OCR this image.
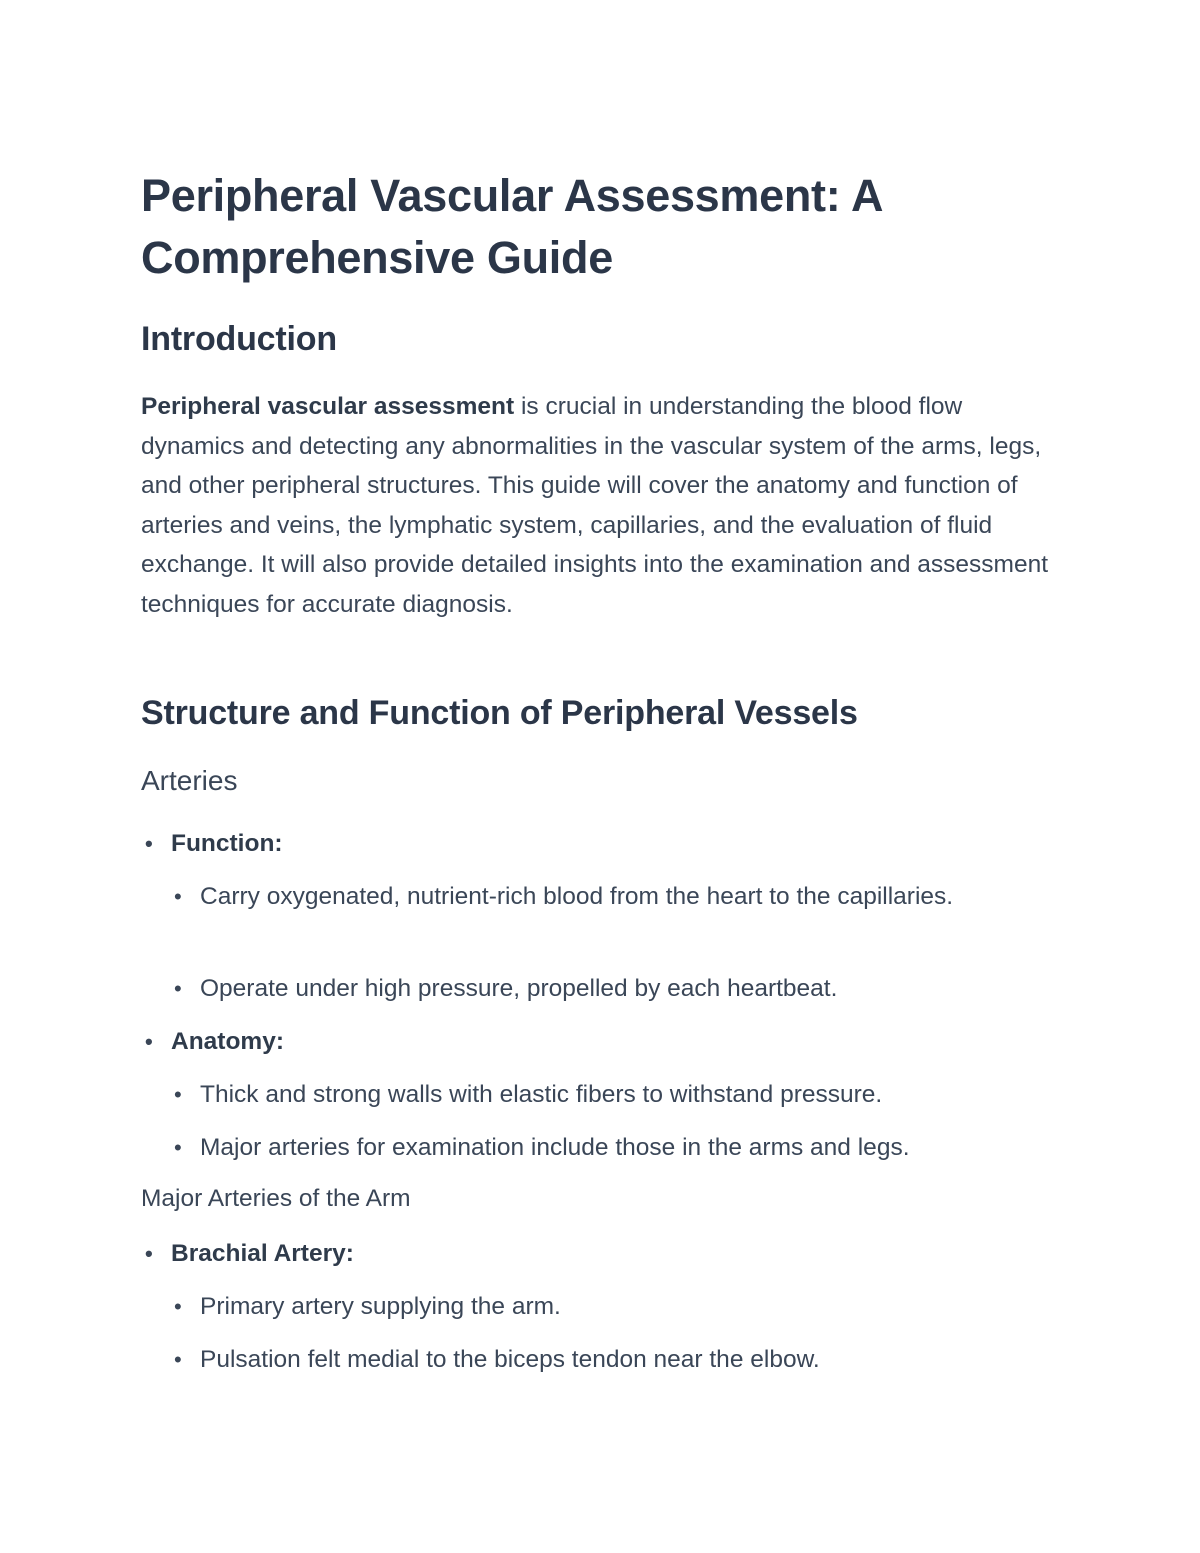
Peripheral Vascular Assessment: A Comprehensive Guide
Introduction

Peripheral vascular assessment is crucial in understanding the blood flow dynamics and detecting any abnormalities in the vascular system of the arms, legs, and other peripheral structures. This guide will cover the anatomy and function of arteries and veins, the lymphatic system, capillaries, and the evaluation of fluid exchange. It will also provide detailed insights into the examination and assessment techniques for accurate diagnosis.

Structure and Function of Peripheral Vessels
Arteries
• Function:
• Carry oxygenated, nutrient-rich blood from the heart to the capillaries.
• Operate under high pressure, propelled by each heartbeat.
• Anatomy:
• Thick and strong walls with elastic fibers to withstand pressure.
• Major arteries for examination include those in the arms and legs.
Major Arteries of the Arm
• Brachial Artery:
• Primary artery supplying the arm.
• Pulsation felt medial to the biceps tendon near the elbow.
